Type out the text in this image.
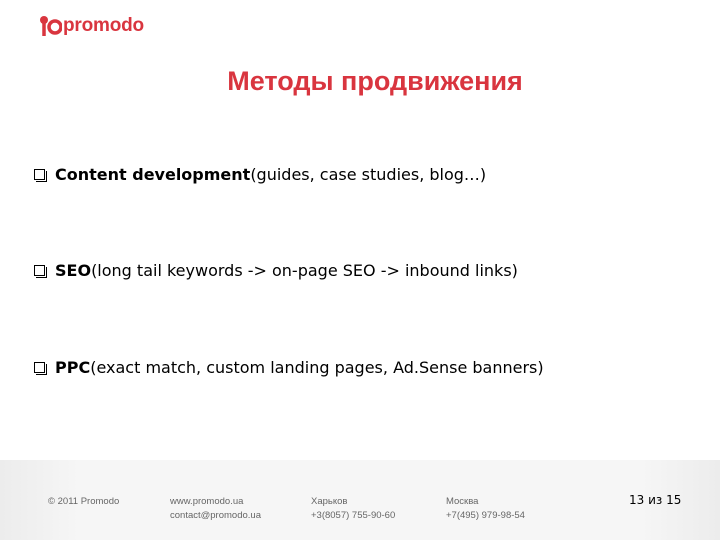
promodo
Методы продвижения
Content development (guides, case studies, blog…)
SEO (long tail keywords -> on-page SEO -> inbound links)
PPC (exact match, custom landing pages, Ad.Sense banners)
© 2011 Promodo	www.promodo.ua
contact@promodo.ua
Харьков
+3(8057) 755-90-60
Москва
+7(495) 979-98-54
13 из 15
